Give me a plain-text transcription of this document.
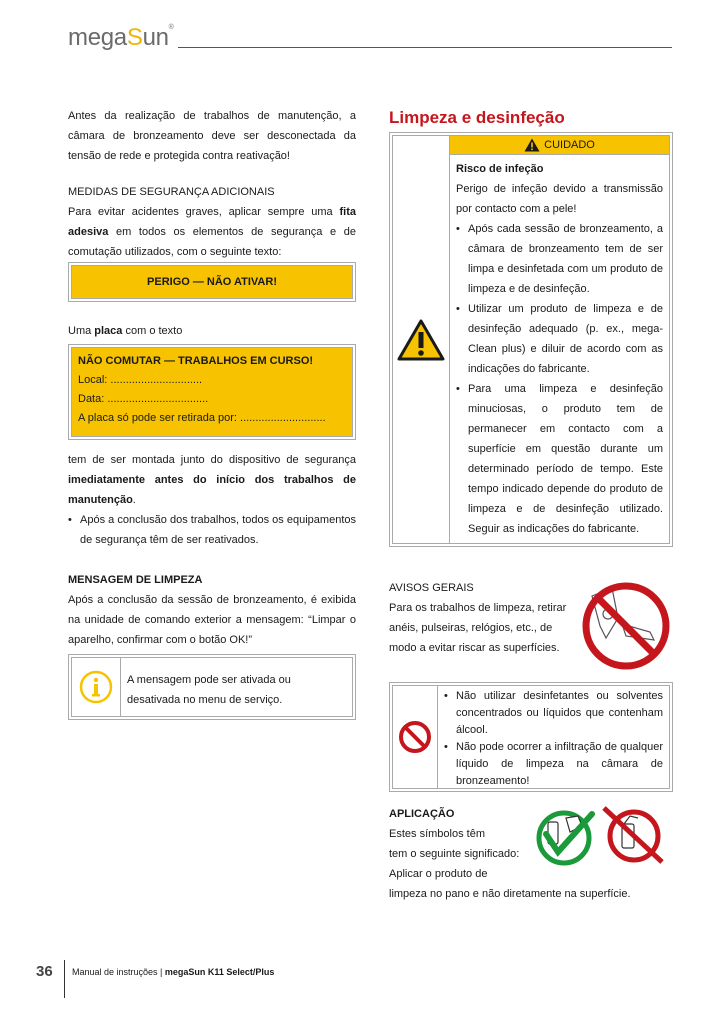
megaSun®
Antes da realização de trabalhos de manutenção, a câmara de bronzeamento deve ser desconectada da tensão de rede e protegida contra reativação!
MEDIDAS DE SEGURANÇA ADICIONAIS
Para evitar acidentes graves, aplicar sempre uma fita adesiva em todos os elementos de segurança e de comutação utilizados, com o seguinte texto:
PERIGO — NÃO ATIVAR!
Uma placa com o texto
NÃO COMUTAR — TRABALHOS EM CURSO!
Local: ..............................
Data: .................................
A placa só pode ser retirada por: ............................
tem de ser montada junto do dispositivo de segurança imediatamente antes do início dos trabalhos de manutenção.
• Após a conclusão dos trabalhos, todos os equipamentos de segurança têm de ser reativados.
MENSAGEM DE LIMPEZA
Após a conclusão da sessão de bronzeamento, é exibida na unidade de comando exterior a mensagem: “Limpar o aparelho, confirmar com o botão OK!”
A mensagem pode ser ativada ou desativada no menu de serviço.
Limpeza e desinfeção
CUIDADO
Risco de infeção
Perigo de infeção devido a transmissão por contacto com a pele!
• Após cada sessão de bronzeamento, a câmara de bronzeamento tem de ser limpa e desinfetada com um produto de limpeza e de desinfeção.
• Utilizar um produto de limpeza e de desinfeção adequado (p. ex., mega-Clean plus) e diluir de acordo com as indicações do fabricante.
• Para uma limpeza e desinfeção minuciosas, o produto tem de permanecer em contacto com a superfície em questão durante um determinado período de tempo. Este tempo indicado depende do produto de limpeza e de desinfeção utilizado. Seguir as indicações do fabricante.
AVISOS GERAIS
Para os trabalhos de limpeza, retirar anéis, pulseiras, relógios, etc., de modo a evitar riscar as superfícies.
• Não utilizar desinfetantes ou solventes concentrados ou líquidos que contenham álcool.
• Não pode ocorrer a infiltração de qualquer líquido de limpeza na câmara de bronzeamento!
APLICAÇÃO
Estes símbolos têm
tem o seguinte significado:
Aplicar o produto de
limpeza no pano e não diretamente na superfície.
36 Manual de instruções | megaSun K11 Select/Plus
